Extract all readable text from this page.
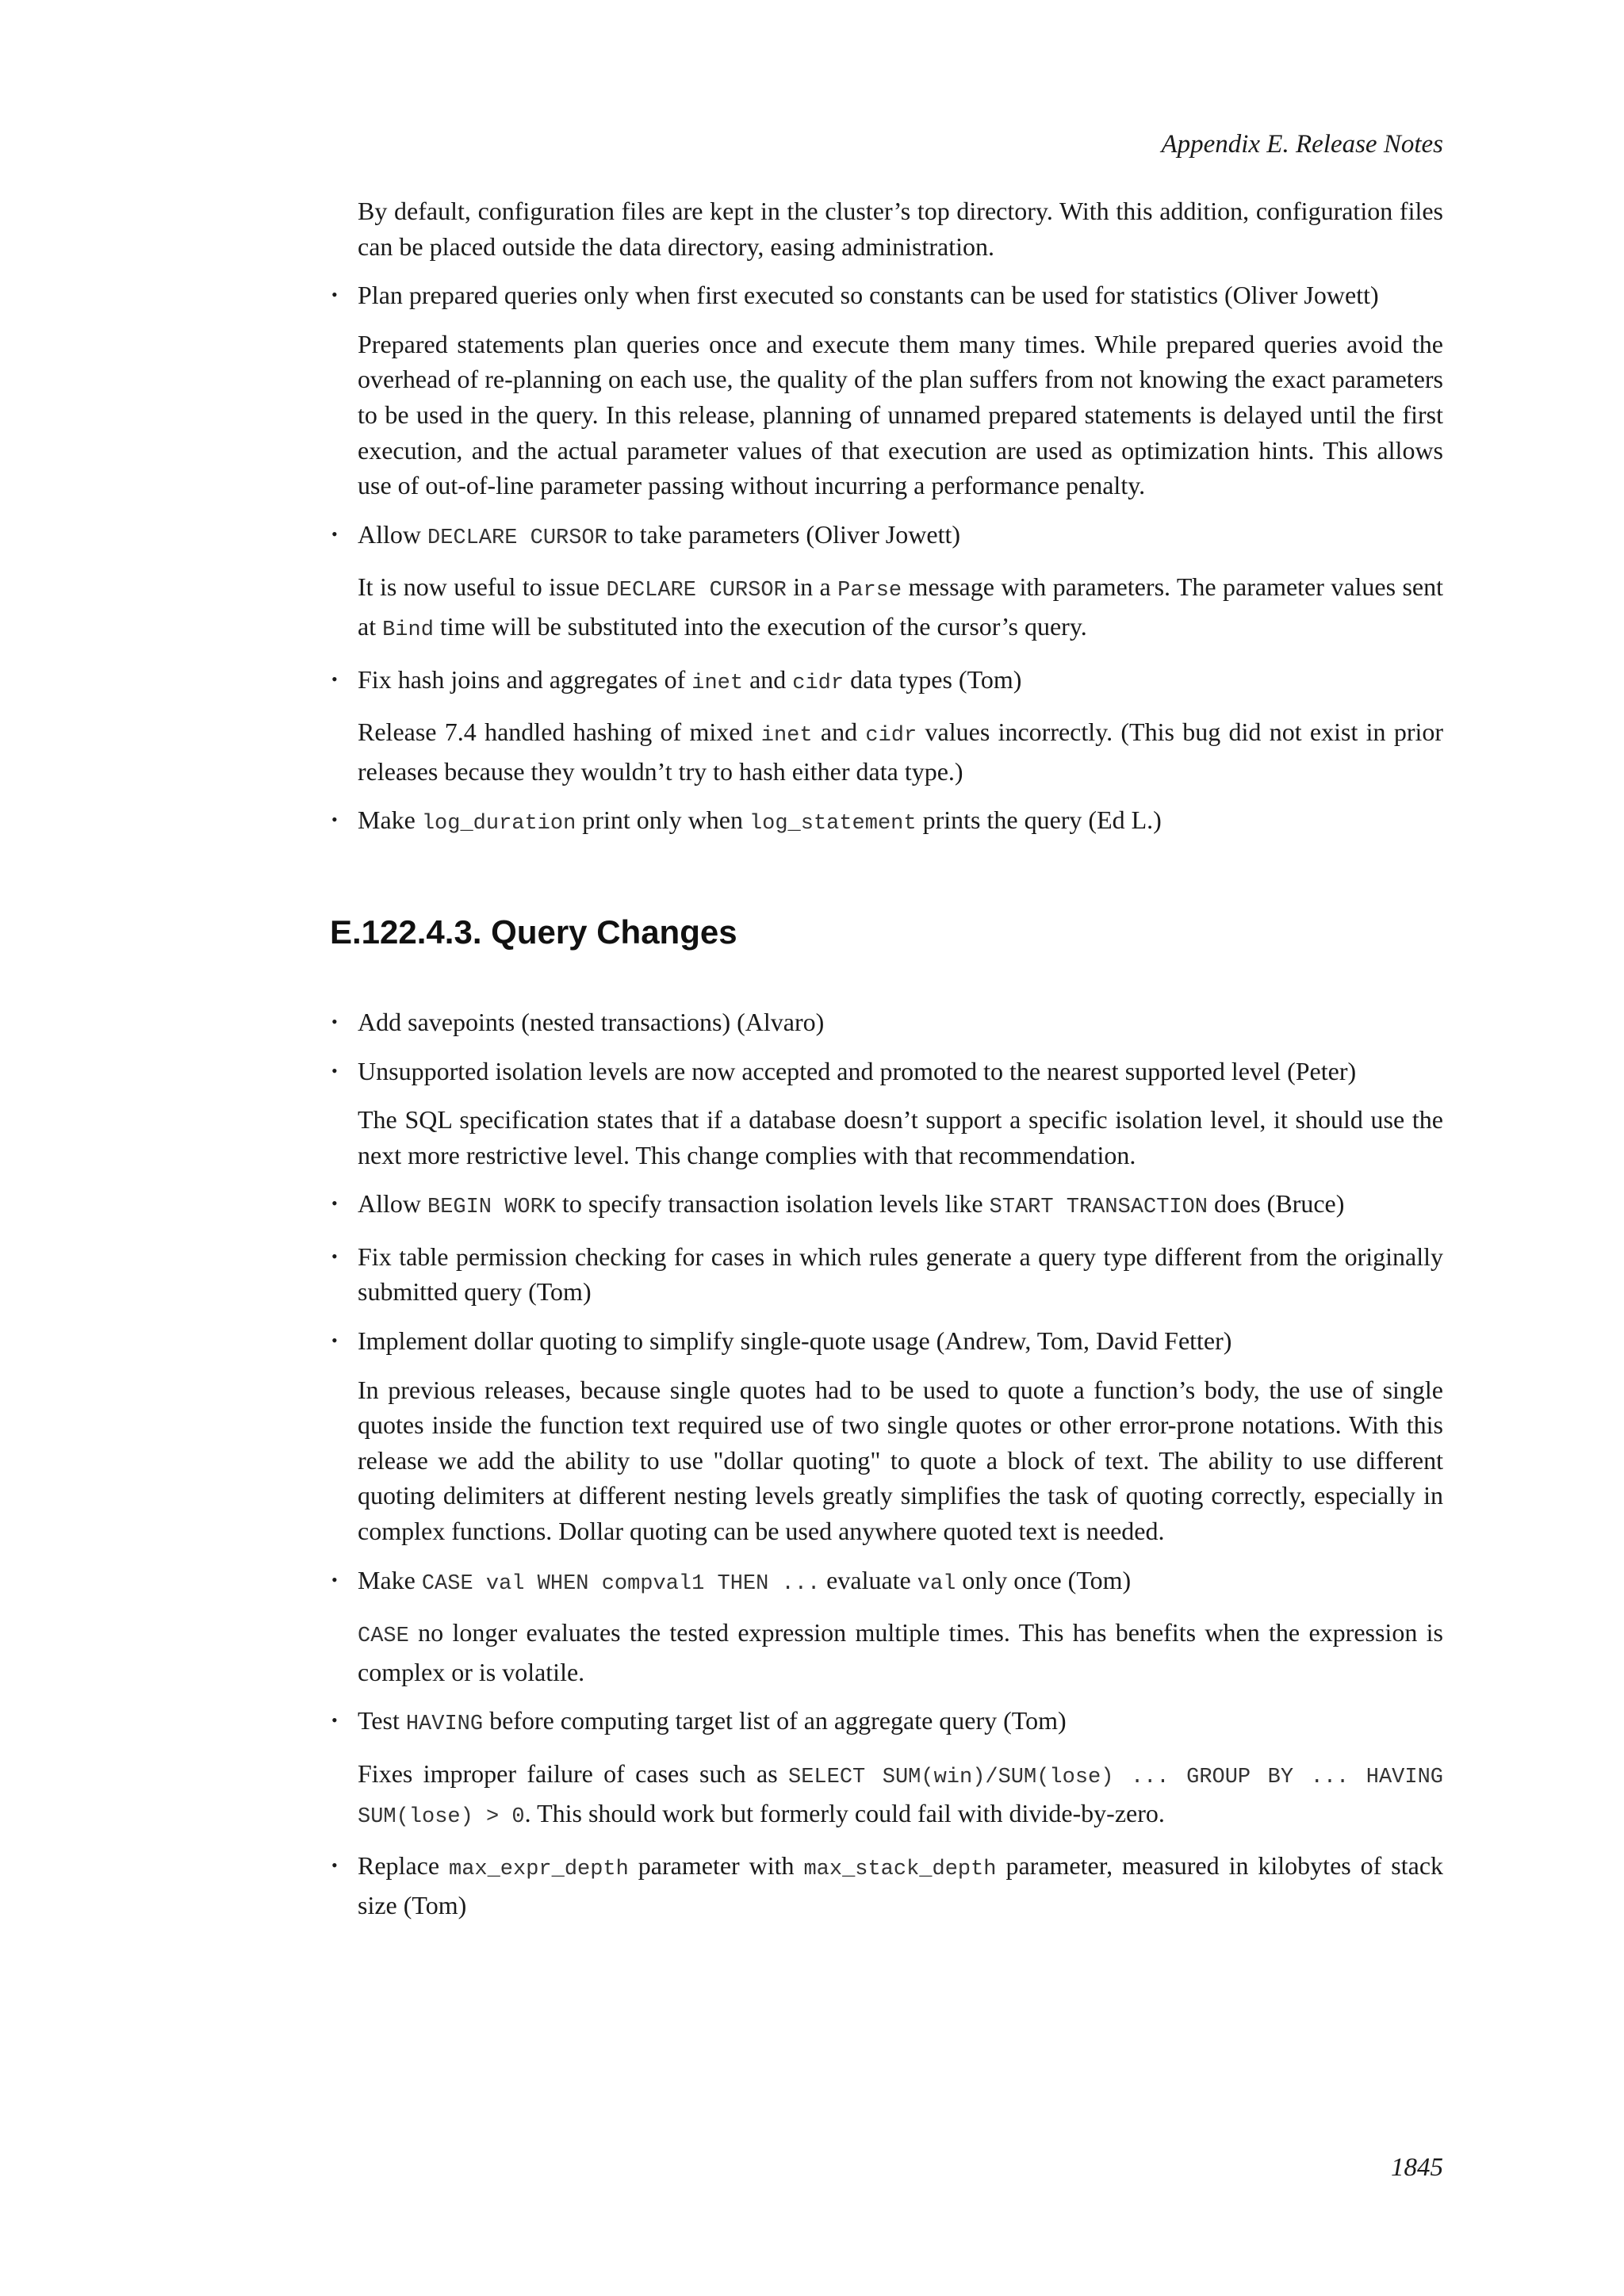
Appendix E. Release Notes

By default, configuration files are kept in the cluster’s top directory. With this addition, configuration files can be placed outside the data directory, easing administration.

• Plan prepared queries only when first executed so constants can be used for statistics (Oliver Jowett)

Prepared statements plan queries once and execute them many times. While prepared queries avoid the overhead of re-planning on each use, the quality of the plan suffers from not knowing the exact parameters to be used in the query. In this release, planning of unnamed prepared statements is delayed until the first execution, and the actual parameter values of that execution are used as optimization hints. This allows use of out-of-line parameter passing without incurring a performance penalty.

• Allow DECLARE CURSOR to take parameters (Oliver Jowett)

It is now useful to issue DECLARE CURSOR in a Parse message with parameters. The parameter values sent at Bind time will be substituted into the execution of the cursor’s query.

• Fix hash joins and aggregates of inet and cidr data types (Tom)

Release 7.4 handled hashing of mixed inet and cidr values incorrectly. (This bug did not exist in prior releases because they wouldn’t try to hash either data type.)

• Make log_duration print only when log_statement prints the query (Ed L.)

E.122.4.3. Query Changes
• Add savepoints (nested transactions) (Alvaro)

• Unsupported isolation levels are now accepted and promoted to the nearest supported level (Peter)

The SQL specification states that if a database doesn’t support a specific isolation level, it should use the next more restrictive level. This change complies with that recommendation.

• Allow BEGIN WORK to specify transaction isolation levels like START TRANSACTION does (Bruce)

• Fix table permission checking for cases in which rules generate a query type different from the originally submitted query (Tom)

• Implement dollar quoting to simplify single-quote usage (Andrew, Tom, David Fetter)

In previous releases, because single quotes had to be used to quote a function’s body, the use of single quotes inside the function text required use of two single quotes or other error-prone notations. With this release we add the ability to use "dollar quoting" to quote a block of text. The ability to use different quoting delimiters at different nesting levels greatly simplifies the task of quoting correctly, especially in complex functions. Dollar quoting can be used anywhere quoted text is needed.

• Make CASE val WHEN compval1 THEN ... evaluate val only once (Tom)

CASE no longer evaluates the tested expression multiple times. This has benefits when the expression is complex or is volatile.

• Test HAVING before computing target list of an aggregate query (Tom)

Fixes improper failure of cases such as SELECT SUM(win)/SUM(lose) ... GROUP BY ... HAVING SUM(lose) > 0. This should work but formerly could fail with divide-by-zero.

• Replace max_expr_depth parameter with max_stack_depth parameter, measured in kilobytes of stack size (Tom)

1845
